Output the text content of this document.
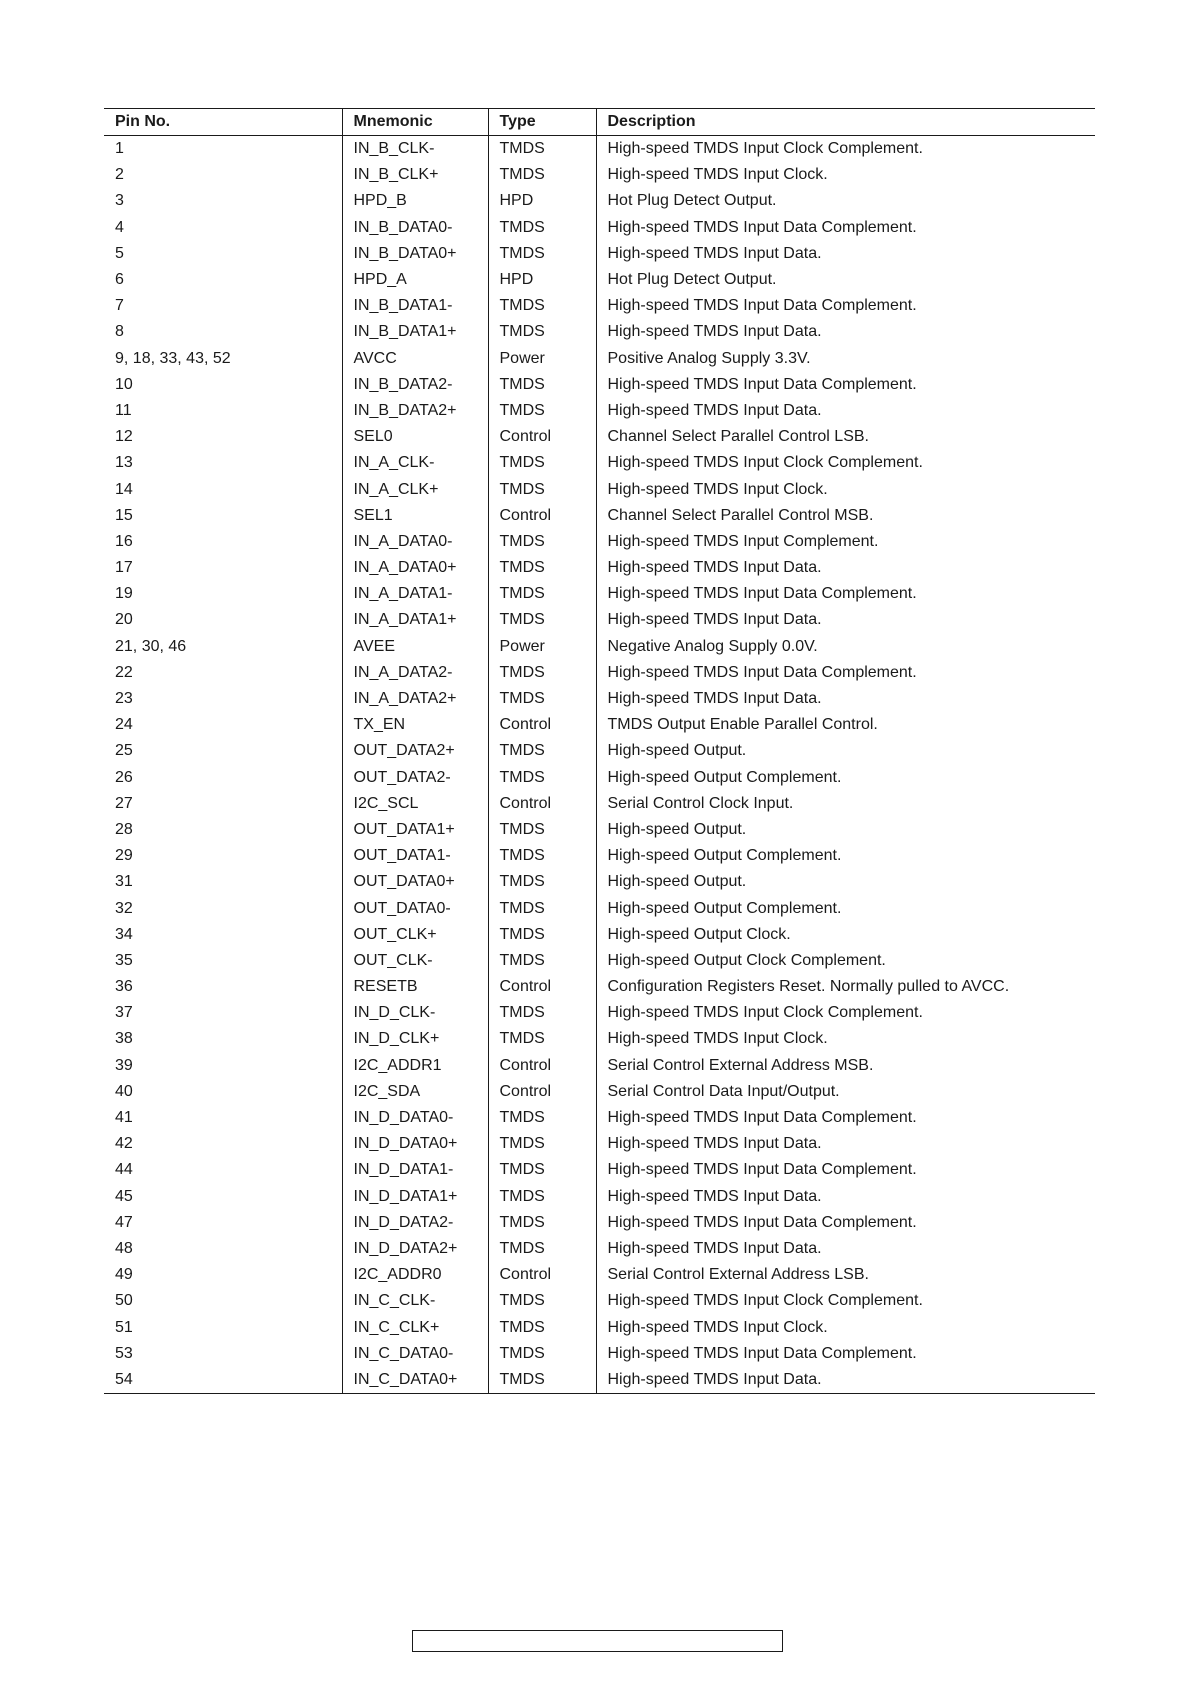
Pin No.	Mnemonic	Type	Description
1	IN_B_CLK-	TMDS	High-speed TMDS Input Clock Complement.
2	IN_B_CLK+	TMDS	High-speed TMDS Input Clock.
3	HPD_B	HPD	Hot Plug Detect Output.
4	IN_B_DATA0-	TMDS	High-speed TMDS Input Data Complement.
5	IN_B_DATA0+	TMDS	High-speed TMDS Input Data.
6	HPD_A	HPD	Hot Plug Detect Output.
7	IN_B_DATA1-	TMDS	High-speed TMDS Input Data Complement.
8	IN_B_DATA1+	TMDS	High-speed TMDS Input Data.
9, 18, 33, 43, 52	AVCC	Power	Positive Analog Supply 3.3V.
10	IN_B_DATA2-	TMDS	High-speed TMDS Input Data Complement.
11	IN_B_DATA2+	TMDS	High-speed TMDS Input Data.
12	SEL0	Control	Channel Select Parallel Control LSB.
13	IN_A_CLK-	TMDS	High-speed TMDS Input Clock Complement.
14	IN_A_CLK+	TMDS	High-speed TMDS Input Clock.
15	SEL1	Control	Channel Select Parallel Control MSB.
16	IN_A_DATA0-	TMDS	High-speed TMDS Input Complement.
17	IN_A_DATA0+	TMDS	High-speed TMDS Input Data.
19	IN_A_DATA1-	TMDS	High-speed TMDS Input Data Complement.
20	IN_A_DATA1+	TMDS	High-speed TMDS Input Data.
21, 30, 46	AVEE	Power	Negative Analog Supply 0.0V.
22	IN_A_DATA2-	TMDS	High-speed TMDS Input Data Complement.
23	IN_A_DATA2+	TMDS	High-speed TMDS Input Data.
24	TX_EN	Control	TMDS Output Enable Parallel Control.
25	OUT_DATA2+	TMDS	High-speed Output.
26	OUT_DATA2-	TMDS	High-speed Output Complement.
27	I2C_SCL	Control	Serial Control Clock Input.
28	OUT_DATA1+	TMDS	High-speed Output.
29	OUT_DATA1-	TMDS	High-speed Output Complement.
31	OUT_DATA0+	TMDS	High-speed Output.
32	OUT_DATA0-	TMDS	High-speed Output Complement.
34	OUT_CLK+	TMDS	High-speed Output Clock.
35	OUT_CLK-	TMDS	High-speed Output Clock Complement.
36	RESETB	Control	Configuration Registers Reset. Normally pulled to AVCC.
37	IN_D_CLK-	TMDS	High-speed TMDS Input Clock Complement.
38	IN_D_CLK+	TMDS	High-speed TMDS Input Clock.
39	I2C_ADDR1	Control	Serial Control External Address MSB.
40	I2C_SDA	Control	Serial Control Data Input/Output.
41	IN_D_DATA0-	TMDS	High-speed TMDS Input Data Complement.
42	IN_D_DATA0+	TMDS	High-speed TMDS Input Data.
44	IN_D_DATA1-	TMDS	High-speed TMDS Input Data Complement.
45	IN_D_DATA1+	TMDS	High-speed TMDS Input Data.
47	IN_D_DATA2-	TMDS	High-speed TMDS Input Data Complement.
48	IN_D_DATA2+	TMDS	High-speed TMDS Input Data.
49	I2C_ADDR0	Control	Serial Control External Address LSB.
50	IN_C_CLK-	TMDS	High-speed TMDS Input Clock Complement.
51	IN_C_CLK+	TMDS	High-speed TMDS Input Clock.
53	IN_C_DATA0-	TMDS	High-speed TMDS Input Data Complement.
54	IN_C_DATA0+	TMDS	High-speed TMDS Input Data.
